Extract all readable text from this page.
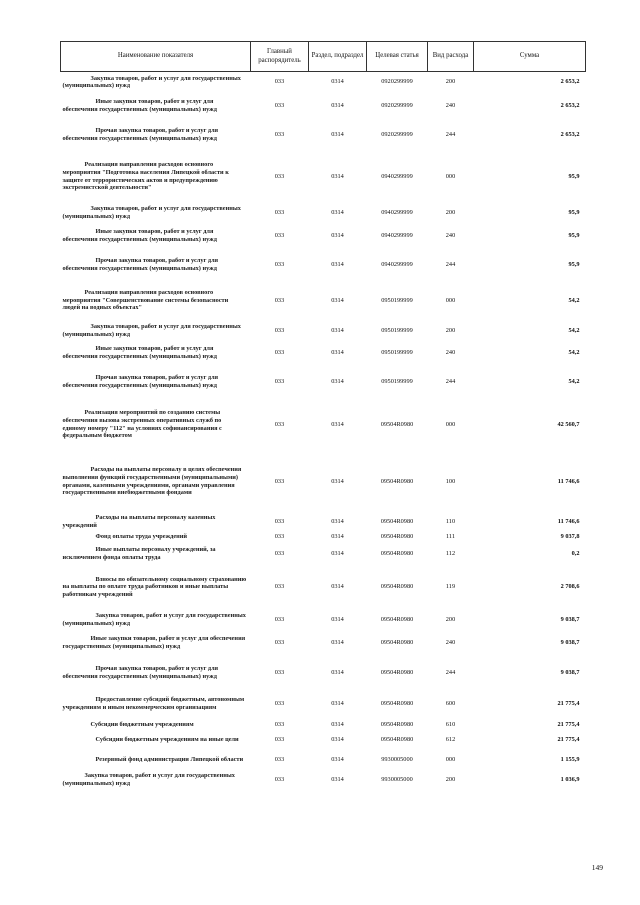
Наименование показателя	Главный распорядитель	Раздел, подраздел	Целевая статья	Вид расхода	Сумма
Закупка товаров, работ и услуг для государственных (муниципальных) нужд	033	0314	0920299999	200	2 653,2
Иные закупки товаров, работ и услуг для обеспечения государственных (муниципальных) нужд	033	0314	0920299999	240	2 653,2
Прочая закупка товаров, работ и услуг для обеспечения государственных (муниципальных) нужд	033	0314	0920299999	244	2 653,2
Реализация направления расходов основного мероприятия "Подготовка населения Липецкой области к защите от террористических актов и предупреждению экстремистской деятельности"	033	0314	0940299999	000	95,9
Закупка товаров, работ и услуг для государственных (муниципальных) нужд	033	0314	0940299999	200	95,9
Иные закупки товаров, работ и услуг для обеспечения государственных (муниципальных) нужд	033	0314	0940299999	240	95,9
Прочая закупка товаров, работ и услуг для обеспечения государственных (муниципальных) нужд	033	0314	0940299999	244	95,9
Реализация направления расходов основного мероприятия "Совершенствование системы безопасности людей на водных объектах"	033	0314	0950199999	000	54,2
Закупка товаров, работ и услуг для государственных (муниципальных) нужд	033	0314	0950199999	200	54,2
Иные закупки товаров, работ и услуг для обеспечения государственных (муниципальных) нужд	033	0314	0950199999	240	54,2
Прочая закупка товаров, работ и услуг для обеспечения государственных (муниципальных) нужд	033	0314	0950199999	244	54,2
Реализация мероприятий по созданию системы обеспечения вызова экстренных оперативных служб по единому номеру "112" на условиях софинансирования с федеральным бюджетом	033	0314	09504R0980	000	42 560,7
Расходы на выплаты персоналу в целях обеспечения выполнения функций государственными (муниципальными) органами, казенными учреждениями, органами управления государственными внебюджетными фондами	033	0314	09504R0980	100	11 746,6
Расходы на выплаты персоналу казенных учреждений	033	0314	09504R0980	110	11 746,6
Фонд оплаты труда учреждений	033	0314	09504R0980	111	9 037,8
Иные выплаты персоналу учреждений, за исключением фонда оплаты труда	033	0314	09504R0980	112	0,2
Взносы по обязательному социальному страхованию на выплаты по оплате труда работников и иные выплаты работникам учреждений	033	0314	09504R0980	119	2 708,6
Закупка товаров, работ и услуг для государственных (муниципальных) нужд	033	0314	09504R0980	200	9 038,7
Иные закупки товаров, работ и услуг для обеспечения государственных (муниципальных) нужд	033	0314	09504R0980	240	9 038,7
Прочая закупка товаров, работ и услуг для обеспечения государственных (муниципальных) нужд	033	0314	09504R0980	244	9 038,7
Предоставление субсидий бюджетным, автономным учреждениям и иным некоммерческим организациям	033	0314	09504R0980	600	21 775,4
Субсидии бюджетным учреждениям	033	0314	09504R0980	610	21 775,4
Субсидии бюджетным учреждениям на иные цели	033	0314	09504R0980	612	21 775,4
Резервный фонд администрации Липецкой области	033	0314	9930005000	000	1 155,9
Закупка товаров, работ и услуг для государственных (муниципальных) нужд	033	0314	9930005000	200	1 036,9
149
